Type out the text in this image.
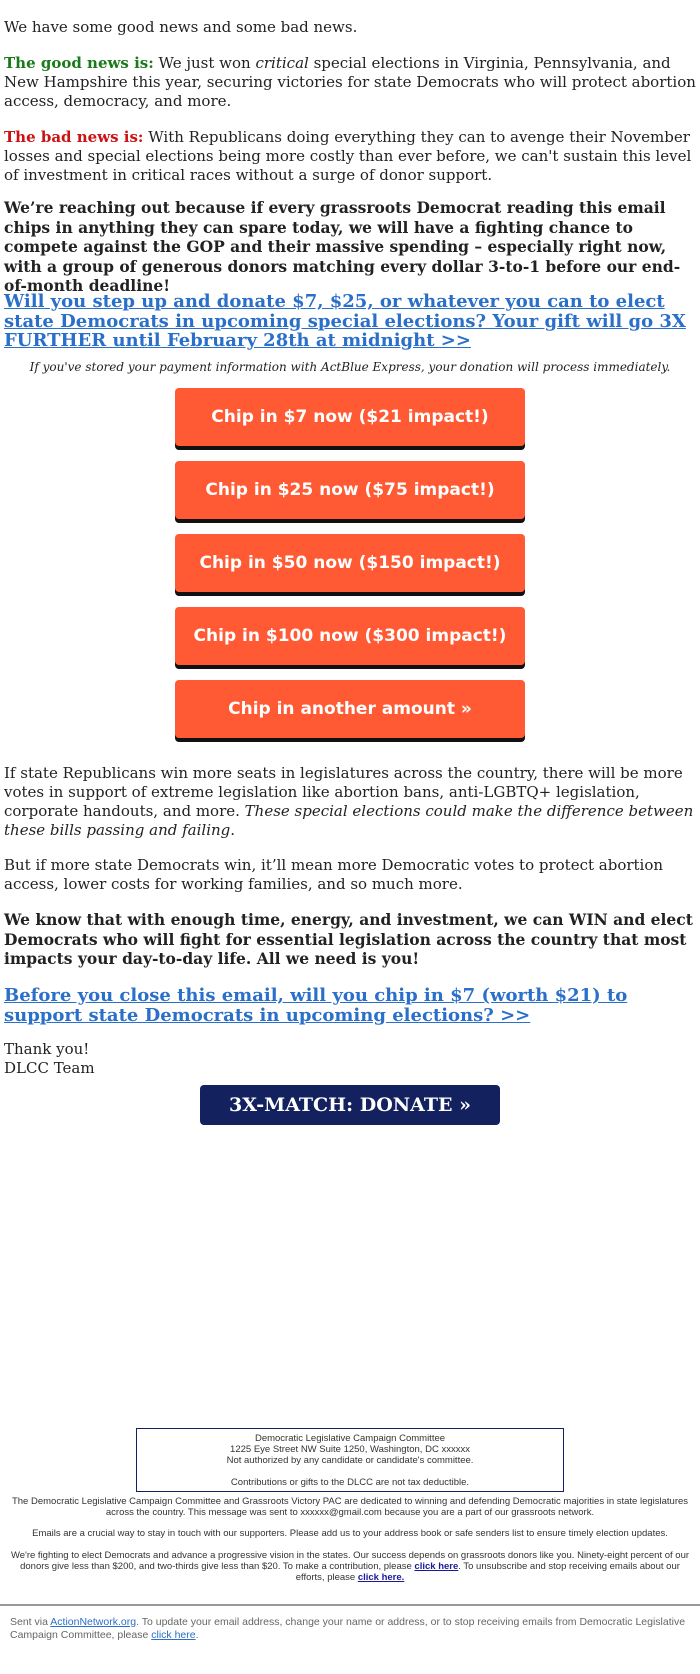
We have some good news and some bad news.

The good news is: We just won critical special elections in Virginia, Pennsylvania, and New Hampshire this year, securing victories for state Democrats who will protect abortion access, democracy, and more.

The bad news is: With Republicans doing everything they can to avenge their November losses and special elections being more costly than ever before, we can't sustain this level of investment in critical races without a surge of donor support.

We’re reaching out because if every grassroots Democrat reading this email chips in anything they can spare today, we will have a fighting chance to compete against the GOP and their massive spending – especially right now, with a group of generous donors matching every dollar 3-to-1 before our end-of-month deadline!

Will you step up and donate $7, $25, or whatever you can to elect state Democrats in upcoming special elections? Your gift will go 3X FURTHER until February 28th at midnight >>

If you've stored your payment information with ActBlue Express, your donation will process immediately.

Chip in $7 now ($21 impact!)
Chip in $25 now ($75 impact!)
Chip in $50 now ($150 impact!)
Chip in $100 now ($300 impact!)
Chip in another amount »

If state Republicans win more seats in legislatures across the country, there will be more votes in support of extreme legislation like abortion bans, anti-LGBTQ+ legislation, corporate handouts, and more. These special elections could make the difference between these bills passing and failing.

But if more state Democrats win, it’ll mean more Democratic votes to protect abortion access, lower costs for working families, and so much more.

We know that with enough time, energy, and investment, we can WIN and elect Democrats who will fight for essential legislation across the country that most impacts your day-to-day life. All we need is you!

Before you close this email, will you chip in $7 (worth $21) to support state Democrats in upcoming elections? >>

Thank you!

DLCC Team

3X-MATCH: DONATE »
Democratic Legislative Campaign Committee
1225 Eye Street NW Suite 1250, Washington, DC xxxxxx
Not authorized by any candidate or candidate's committee.
Contributions or gifts to the DLCC are not tax deductible.
The Democratic Legislative Campaign Committee and Grassroots Victory PAC are dedicated to winning and defending Democratic majorities in state legislatures across the country. This message was sent to xxxxxx@gmail.com because you are a part of our grassroots network.
Emails are a crucial way to stay in touch with our supporters. Please add us to your address book or safe senders list to ensure timely election updates.
We're fighting to elect Democrats and advance a progressive vision in the states. Our success depends on grassroots donors like you. Ninety-eight percent of our donors give less than $200, and two-thirds give less than $20. To make a contribution, please click here. To unsubscribe and stop receiving emails about our efforts, please click here.
Sent via ActionNetwork.org. To update your email address, change your name or address, or to stop receiving emails from Democratic Legislative Campaign Committee, please click here.
